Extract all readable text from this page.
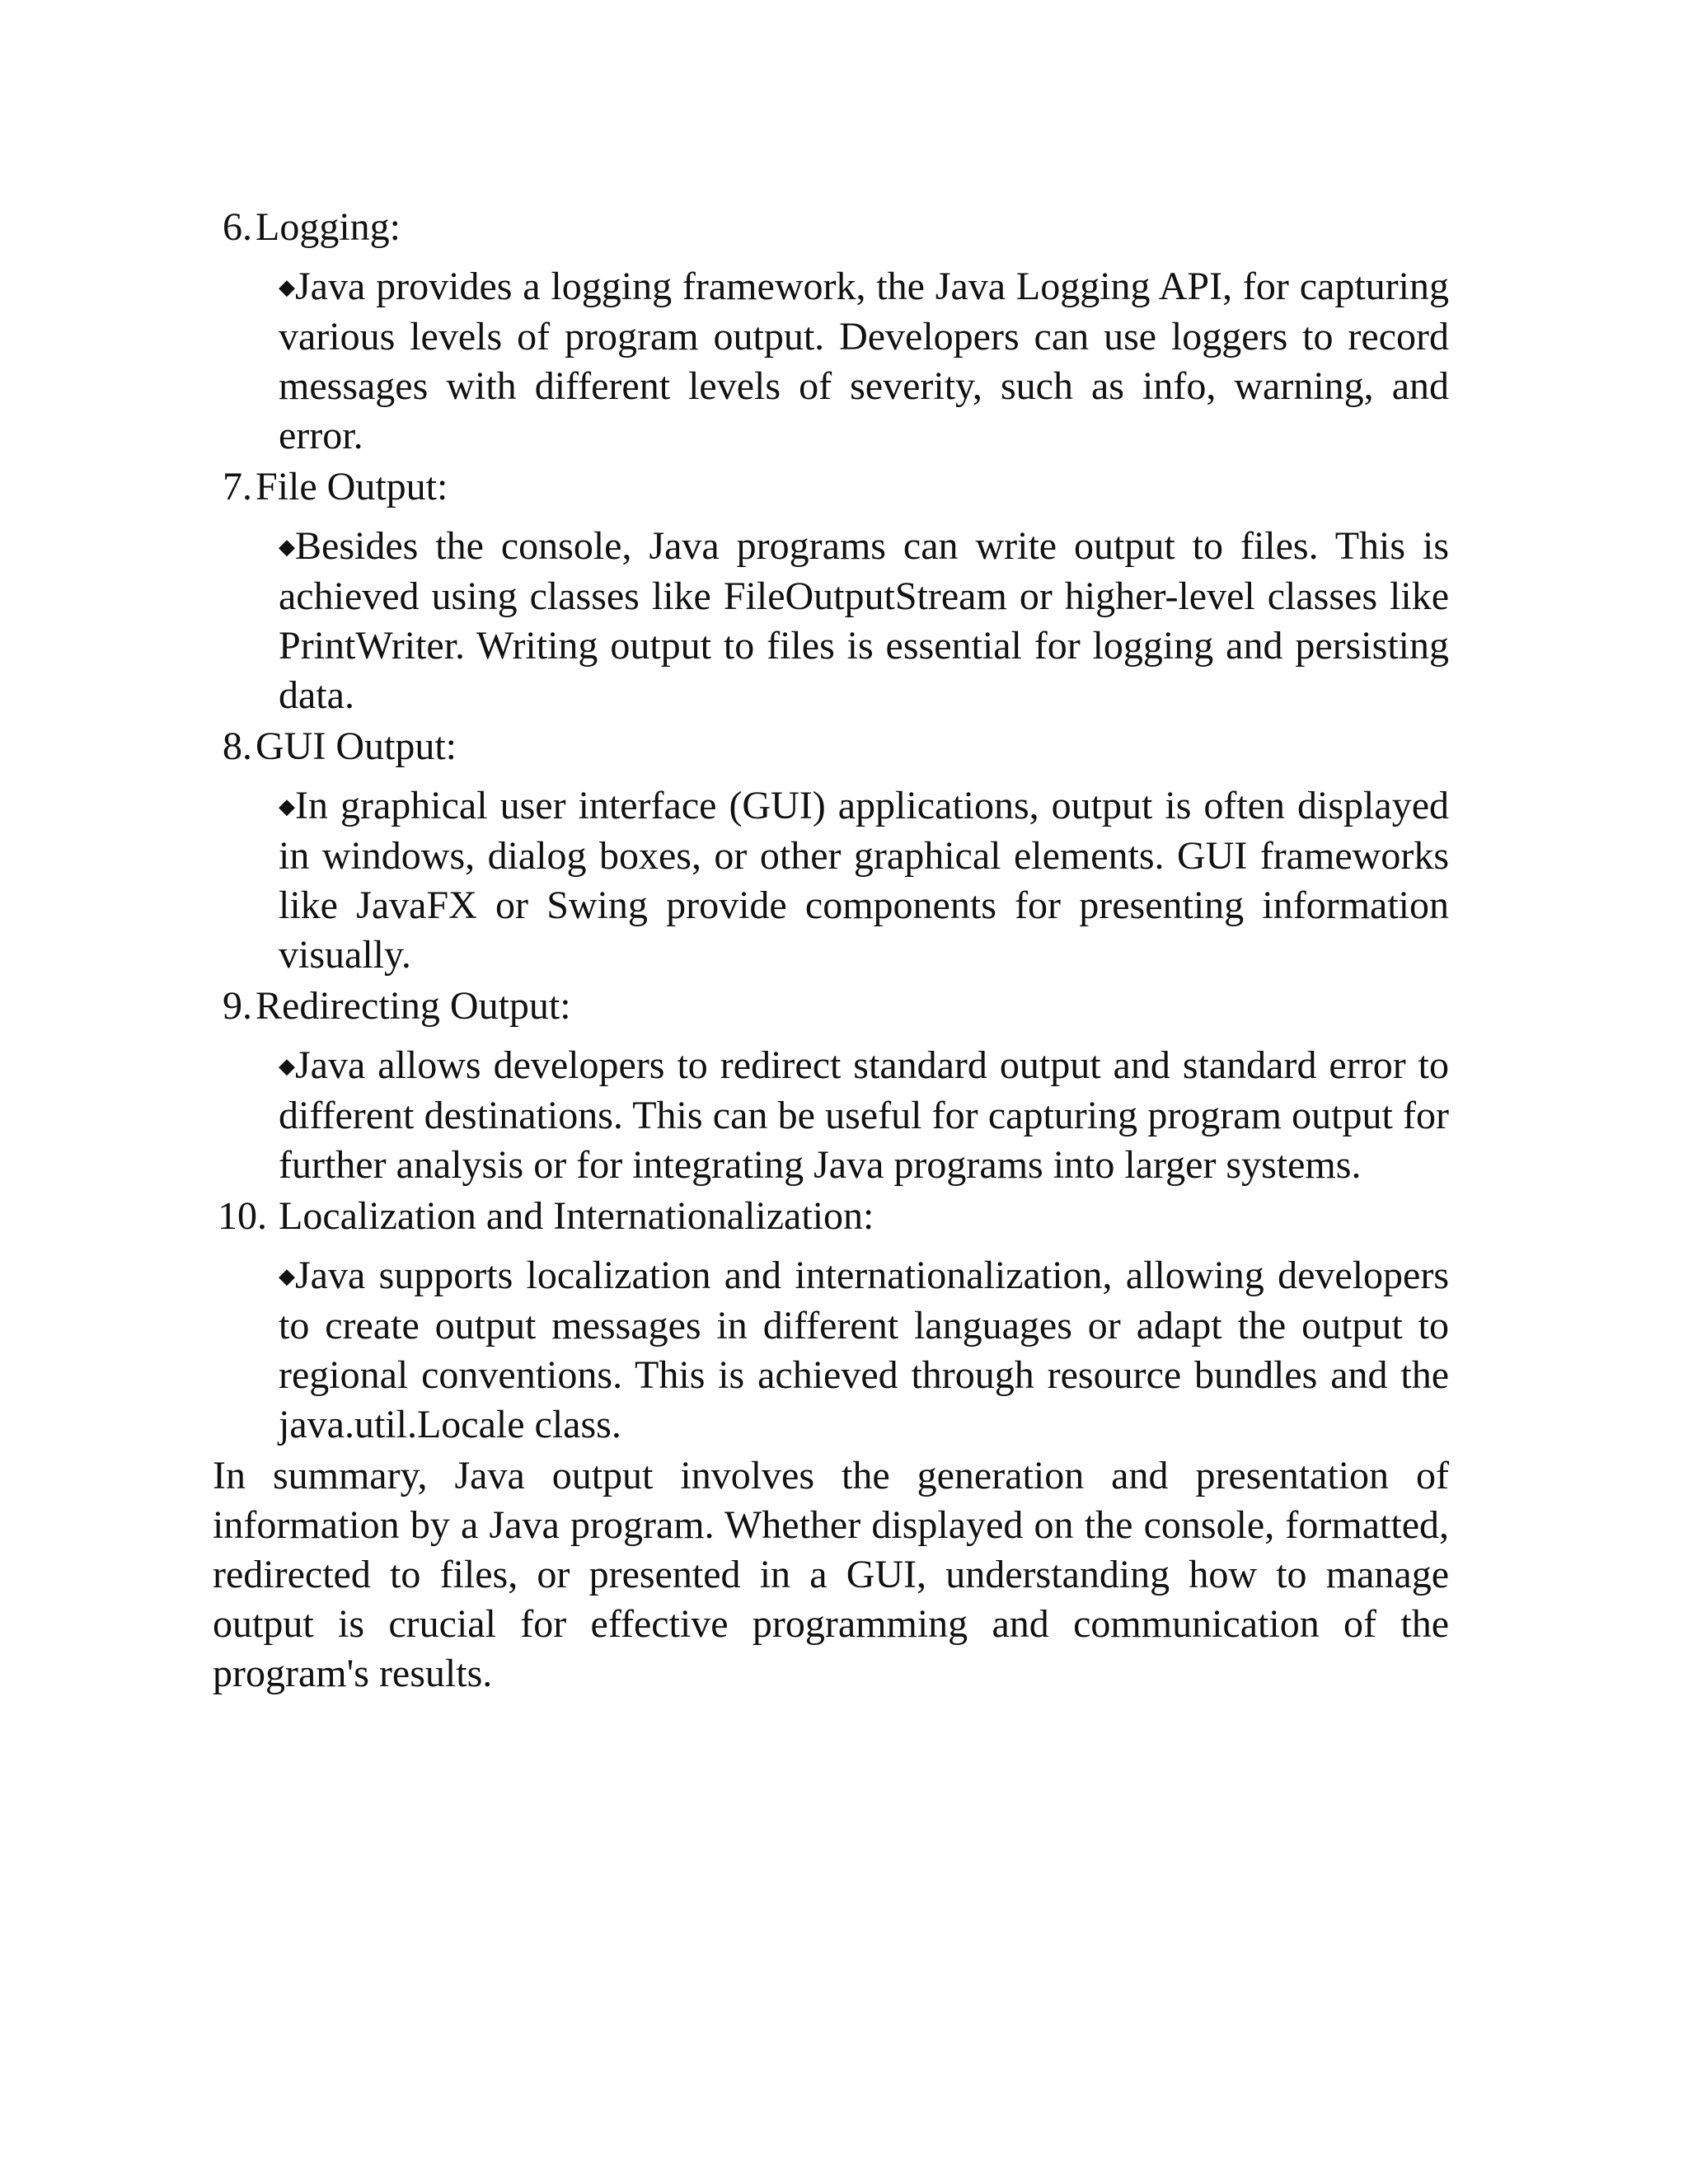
6. Logging:

◆Java provides a logging framework, the Java Logging API, for capturing various levels of program output. Developers can use loggers to record messages with different levels of severity, such as info, warning, and error.

7. File Output:

◆Besides the console, Java programs can write output to files. This is achieved using classes like FileOutputStream or higher-level classes like PrintWriter. Writing output to files is essential for logging and persisting data.

8. GUI Output:

◆In graphical user interface (GUI) applications, output is often displayed in windows, dialog boxes, or other graphical elements. GUI frameworks like JavaFX or Swing provide components for presenting information visually.

9. Redirecting Output:

◆Java allows developers to redirect standard output and standard error to different destinations. This can be useful for capturing program output for further analysis or for integrating Java programs into larger systems.

10. Localization and Internationalization:

◆Java supports localization and internationalization, allowing developers to create output messages in different languages or adapt the output to regional conventions. This is achieved through resource bundles and the java.util.Locale class.

In summary, Java output involves the generation and presentation of information by a Java program. Whether displayed on the console, formatted, redirected to files, or presented in a GUI, understanding how to manage output is crucial for effective programming and communication of the program's results.
